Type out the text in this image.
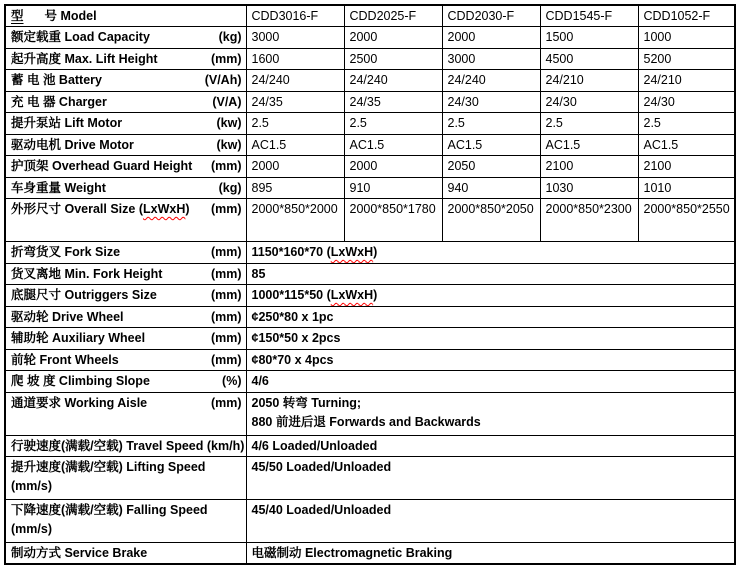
型 号 Model	CDD3016-F	CDD2025-F	CDD2030-F	CDD1545-F	CDD1052-F

额定载重 Load Capacity (kg)	3000	2000	2000	1500	1000

起升高度 Max. Lift Height (mm)	1600	2500	3000	4500	5200

蓄 电 池 Battery (V/Ah)	24/240	24/240	24/240	24/210	24/210

充 电 器 Charger (V/A)	24/35	24/35	24/30	24/30	24/30

提升泵站 Lift Motor (kw)	2.5	2.5	2.5	2.5	2.5

驱动电机 Drive Motor (kw)	AC1.5	AC1.5	AC1.5	AC1.5	AC1.5

护顶架 Overhead Guard Height (mm)	2000	2000	2050	2100	2100

车身重量 Weight (kg)	895	910	940	1030	1010

外形尺寸 Overall Size (LxWxH) (mm)	2000*850*2000	2000*850*1780	2000*850*2050	2000*850*2300	2000*850*2550

折弯货叉 Fork Size (mm)	1150*160*70 (LxWxH)				

货叉离地 Min. Fork Height (mm)	85				

底腿尺寸 Outriggers Size (mm)	1000*115*50 (LxWxH)				

驱动轮 Drive Wheel (mm)	¢250*80 x 1pc				

辅助轮 Auxiliary Wheel (mm)	¢150*50 x 2pcs				

前轮 Front Wheels (mm)	¢80*70 x 4pcs				

爬 坡 度 Climbing Slope (%)	4/6				

通道要求 Working Aisle	(mm)	2050 转弯 Turning;
880 前进后退 Forwards and Backwards

行驶速度(满载/空载) Travel Speed (km/h)	4/6 Loaded/Unloaded				

提升速度(满载/空载) Lifting Speed
(mm/s)	45/50 Loaded/Unloaded				

下降速度(满载/空载) Falling Speed
(mm/s)	45/40 Loaded/Unloaded				

制动方式 Service Brake	电磁制动 Electromagnetic Braking				
